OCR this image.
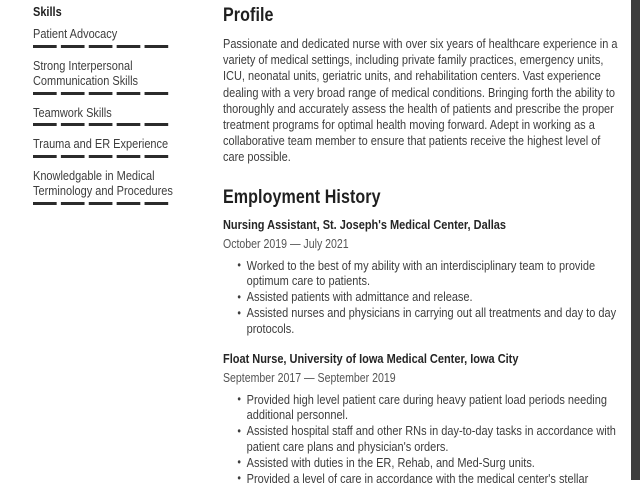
Skills
Patient Advocacy
Strong Interpersonal Communication Skills
Teamwork Skills
Trauma and ER Experience
Knowledgable in Medical Terminology and Procedures
Profile

Passionate and dedicated nurse with over six years of healthcare experience in a variety of medical settings, including private family practices, emergency units, ICU, neonatal units, geriatric units, and rehabilitation centers. Vast experience dealing with a very broad range of medical conditions. Bringing forth the ability to thoroughly and accurately assess the health of patients and prescribe the proper treatment programs for optimal health moving forward. Adept in working as a collaborative team member to ensure that patients receive the highest level of care possible.

Employment History
Nursing Assistant, St. Joseph's Medical Center, Dallas
October 2019 — July 2021
• Worked to the best of my ability with an interdisciplinary team to provide optimum care to patients.
• Assisted patients with admittance and release.
• Assisted nurses and physicians in carrying out all treatments and day to day protocols.
Float Nurse, University of Iowa Medical Center, Iowa City
September 2017 — September 2019
• Provided high level patient care during heavy patient load periods needing additional personnel.
• Assisted hospital staff and other RNs in day-to-day tasks in accordance with patient care plans and physician's orders.
• Assisted with duties in the ER, Rehab, and Med-Surg units.
• Provided a level of care in accordance with the medical center's stellar
